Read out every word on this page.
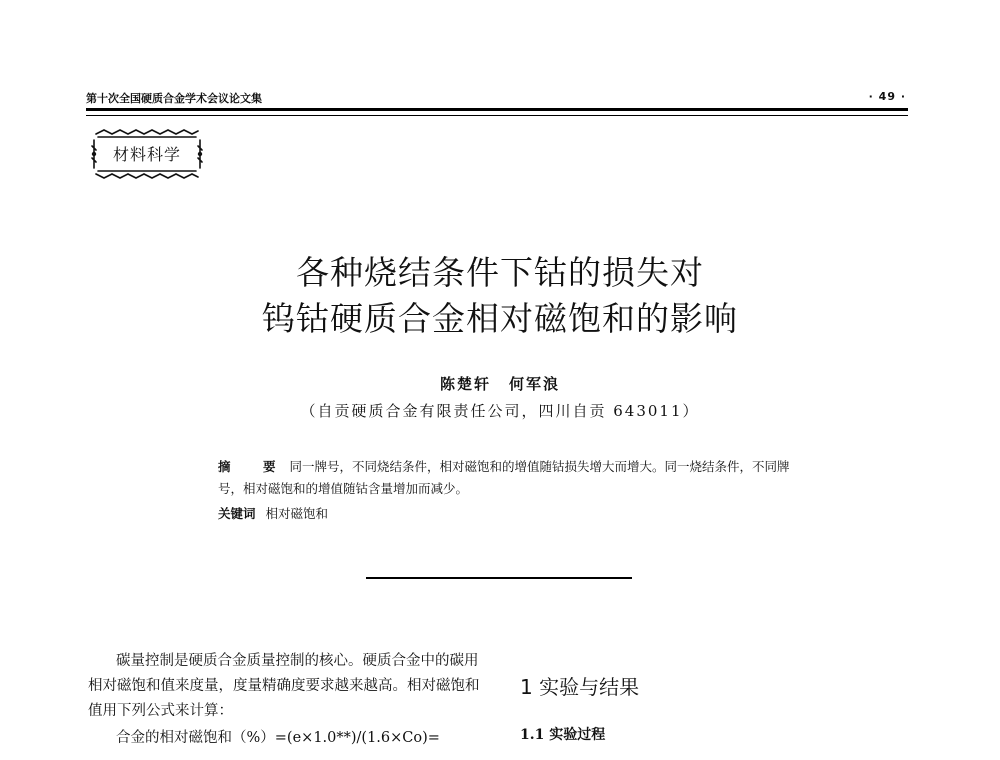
第十次全国硬质合金学术会议论文集	· 49 ·
材料科学
各种烧结条件下钴的损失对
钨钴硬质合金相对磁饱和的影响
陈楚轩 何军浪
（自贡硬质合金有限责任公司，四川自贡 643011）
摘　要 同一牌号，不同烧结条件，相对磁饱和的增值随钴损失增大而增大。同一烧结条件，不同牌号，相对磁饱和的增值随钴含量增加而减少。
关键词 相对磁饱和

碳量控制是硬质合金质量控制的核心。硬质合金中的碳用相对磁饱和值来度量，度量精确度要求越来越高。相对磁饱和值用下列公式来计算：

合金的相对磁饱和（%）=(e×1.0**)/(1.6×Co)=

1 实验与结果
1.1 实验过程
